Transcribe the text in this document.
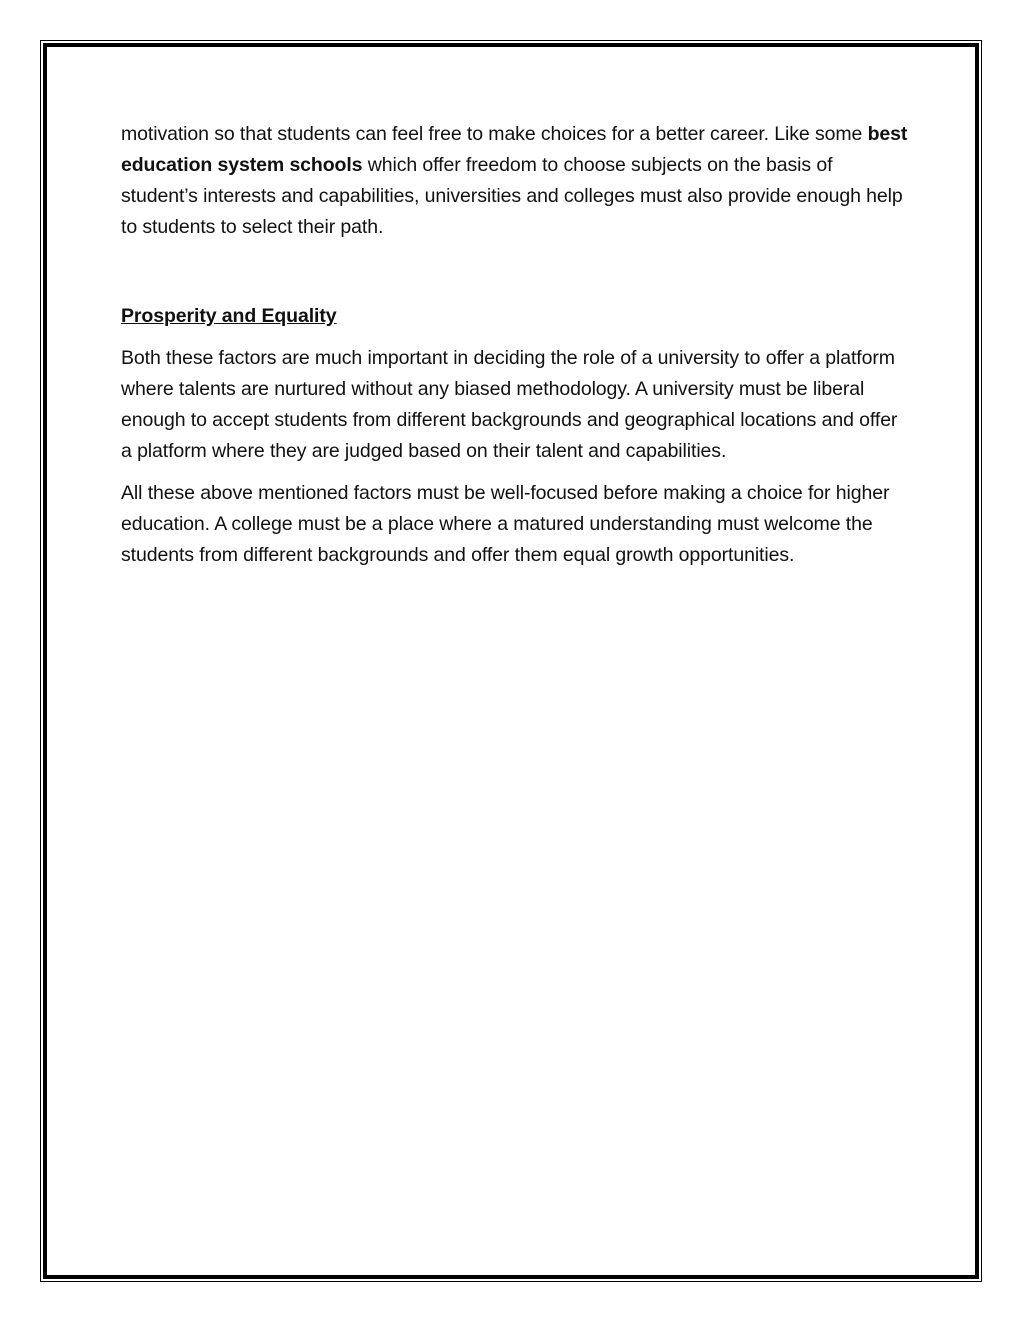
motivation so that students can feel free to make choices for a better career. Like some best education system schools which offer freedom to choose subjects on the basis of student’s interests and capabilities, universities and colleges must also provide enough help to students to select their path.

Prosperity and Equality

Both these factors are much important in deciding the role of a university to offer a platform where talents are nurtured without any biased methodology. A university must be liberal enough to accept students from different backgrounds and geographical locations and offer a platform where they are judged based on their talent and capabilities.

All these above mentioned factors must be well-focused before making a choice for higher education. A college must be a place where a matured understanding must welcome the students from different backgrounds and offer them equal growth opportunities.
